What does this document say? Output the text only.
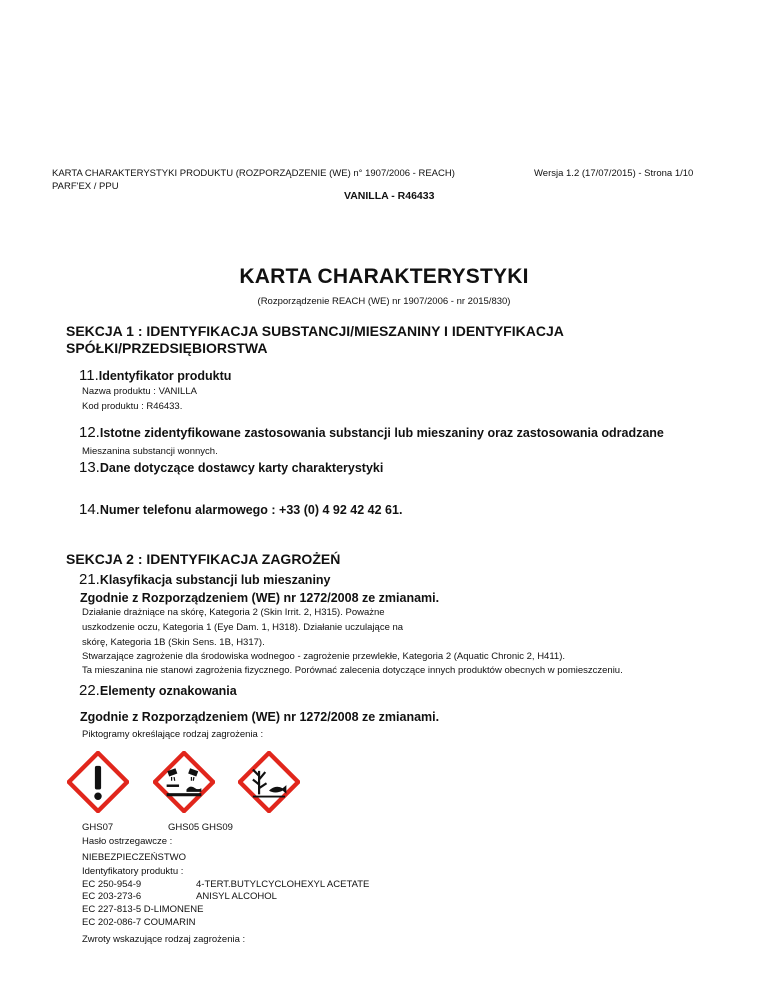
KARTA CHARAKTERYSTYKI PRODUKTU (ROZPORZĄDZENIE (WE) n° 1907/2006 - REACH)
PARF'EX / PPU
Wersja 1.2 (17/07/2015) - Strona 1/10
VANILLA - R46433
KARTA CHARAKTERYSTYKI
(Rozporządzenie REACH (WE) nr 1907/2006 - nr 2015/830)
SEKCJA 1 : IDENTYFIKACJA SUBSTANCJI/MIESZANINY I IDENTYFIKACJA
SPÓŁKI/PRZEDSIĘBIORSTWA
11.Identyfikator produktu
Nazwa produktu : VANILLA
Kod produktu : R46433.
12.Istotne zidentyfikowane zastosowania substancji lub mieszaniny oraz zastosowania odradzane
Mieszanina substancji wonnych.
13.Dane dotyczące dostawcy karty charakterystyki
14.Numer telefonu alarmowego : +33 (0) 4 92 42 42 61.
SEKCJA 2 : IDENTYFIKACJA ZAGROŻEŃ
21.Klasyfikacja substancji lub mieszaniny
Zgodnie z Rozporządzeniem (WE) nr 1272/2008 ze zmianami.
Działanie drażniące na skórę, Kategoria 2 (Skin Irrit. 2, H315). Poważne
uszkodzenie oczu, Kategoria 1 (Eye Dam. 1, H318). Działanie uczulające na
skórę, Kategoria 1B (Skin Sens. 1B, H317).
Stwarzające zagrożenie dla środowiska wodnegoo - zagrożenie przewlekłe, Kategoria 2 (Aquatic Chronic 2, H411).
Ta mieszanina nie stanowi zagrożenia fizycznego. Porównać zalecenia dotyczące innych produktów obecnych w pomieszczeniu.
22.Elementy oznakowania
Zgodnie z Rozporządzeniem (WE) nr 1272/2008 ze zmianami.
Piktogramy określające rodzaj zagrożenia :
GHS07	GHS05 GHS09
Hasło ostrzegawcze :
NIEBEZPIECZEŃSTWO
Identyfikatory produktu :
EC 250-954-9	4-TERT.BUTYLCYCLOHEXYL ACETATE
EC 203-273-6	ANISYL ALCOHOL
EC 227-813-5 D-LIMONENE
EC 202-086-7 COUMARIN
Zwroty wskazujące rodzaj zagrożenia :
